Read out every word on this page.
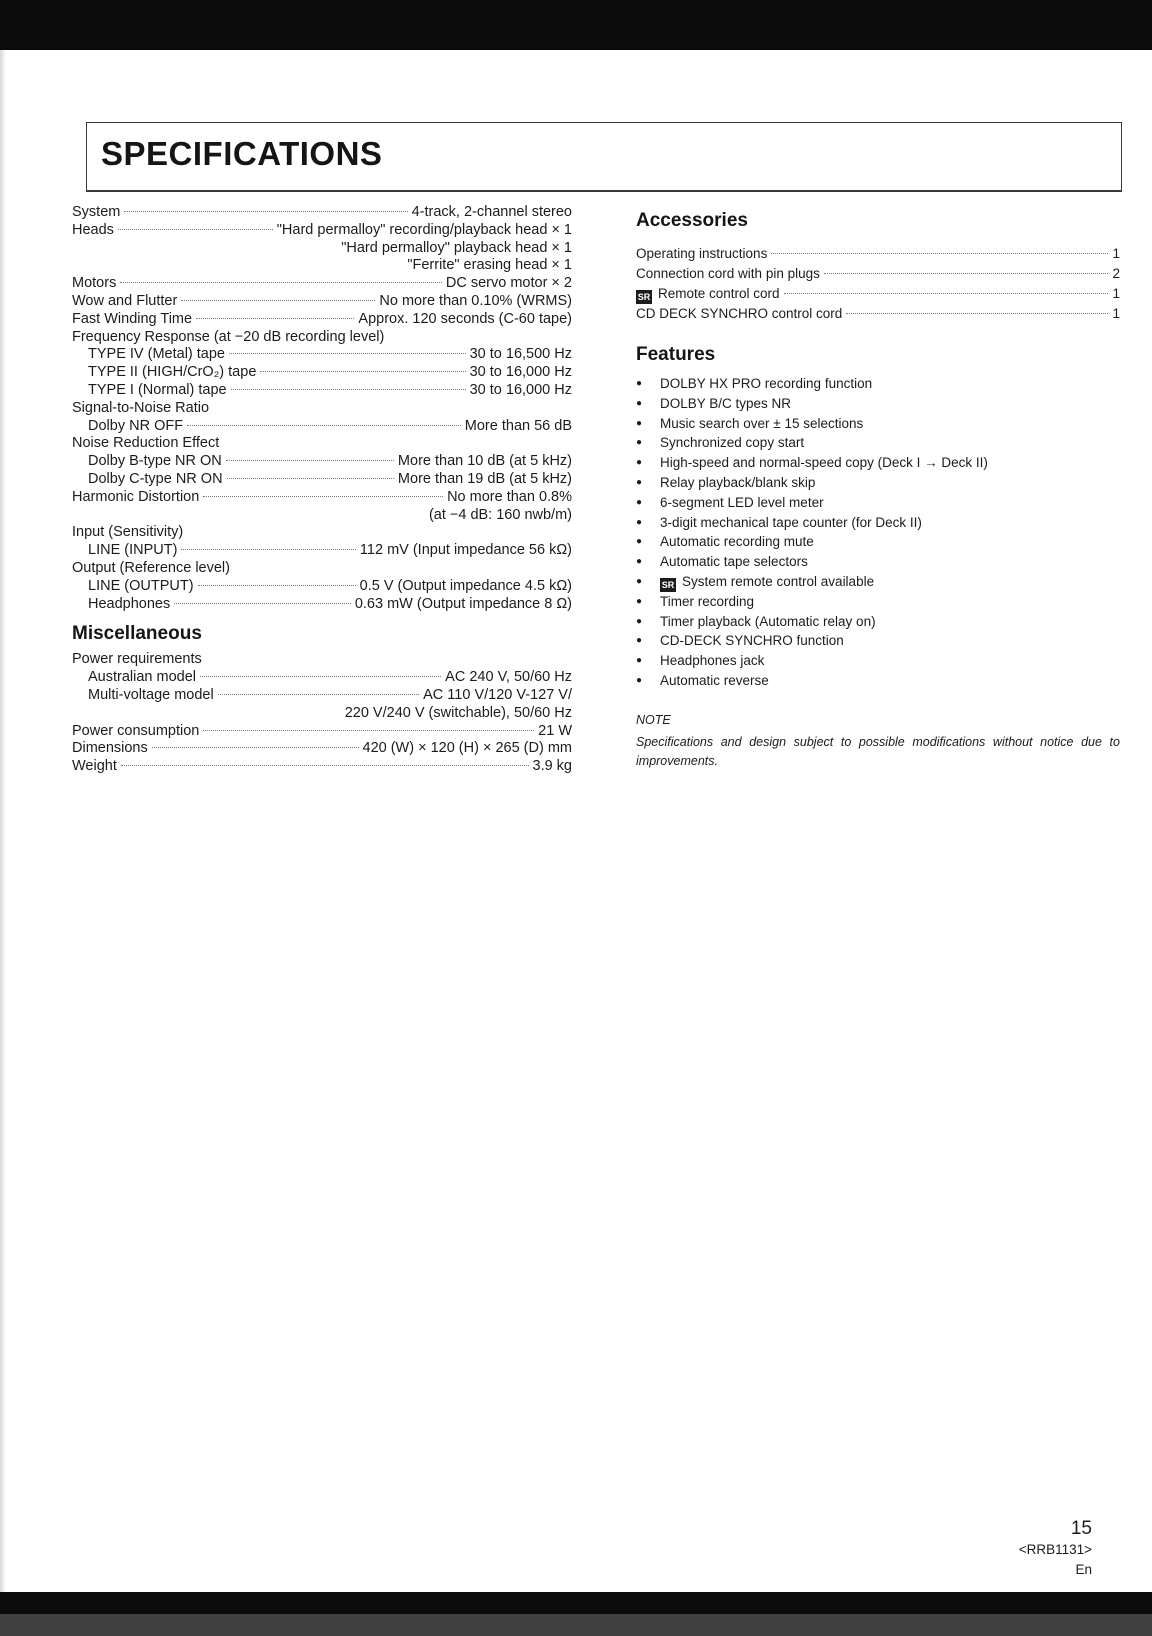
SPECIFICATIONS
System	4-track, 2-channel stereo
Heads	"Hard permalloy" recording/playback head × 1
"Hard permalloy" playback head × 1
"Ferrite" erasing head × 1
Motors	DC servo motor × 2
Wow and Flutter	No more than 0.10% (WRMS)
Fast Winding Time	Approx. 120 seconds (C-60 tape)
Frequency Response (at −20 dB recording level)
TYPE IV (Metal) tape	30 to 16,500 Hz
TYPE II (HIGH/CrO₂) tape	30 to 16,000 Hz
TYPE I (Normal) tape	30 to 16,000 Hz
Signal-to-Noise Ratio
Dolby NR OFF	More than 56 dB
Noise Reduction Effect
Dolby B-type NR ON	More than 10 dB (at 5 kHz)
Dolby C-type NR ON	More than 19 dB (at 5 kHz)
Harmonic Distortion	No more than 0.8%
(at −4 dB: 160 nwb/m)
Input (Sensitivity)
LINE (INPUT)	112 mV (Input impedance 56 kΩ)
Output (Reference level)
LINE (OUTPUT)	0.5 V (Output impedance 4.5 kΩ)
Headphones	0.63 mW (Output impedance 8 Ω)
Miscellaneous
Power requirements
Australian model	AC 240 V, 50/60 Hz
Multi-voltage model	AC 110 V/120 V-127 V/
220 V/240 V (switchable), 50/60 Hz
Power consumption	21 W
Dimensions	420 (W) × 120 (H) × 265 (D) mm
Weight	3.9 kg
Accessories
Operating instructions	1
Connection cord with pin plugs	2
SR Remote control cord	1
CD DECK SYNCHRO control cord	1
Features
● DOLBY HX PRO recording function
● DOLBY B/C types NR
● Music search over ± 15 selections
● Synchronized copy start
● High-speed and normal-speed copy (Deck I → Deck II)
● Relay playback/blank skip
● 6-segment LED level meter
● 3-digit mechanical tape counter (for Deck II)
● Automatic recording mute
● Automatic tape selectors
● SR System remote control available
● Timer recording
● Timer playback (Automatic relay on)
● CD-DECK SYNCHRO function
● Headphones jack
● Automatic reverse
NOTE
Specifications and design subject to possible modifications without notice due to improvements.
15
<RRB1131>
En
